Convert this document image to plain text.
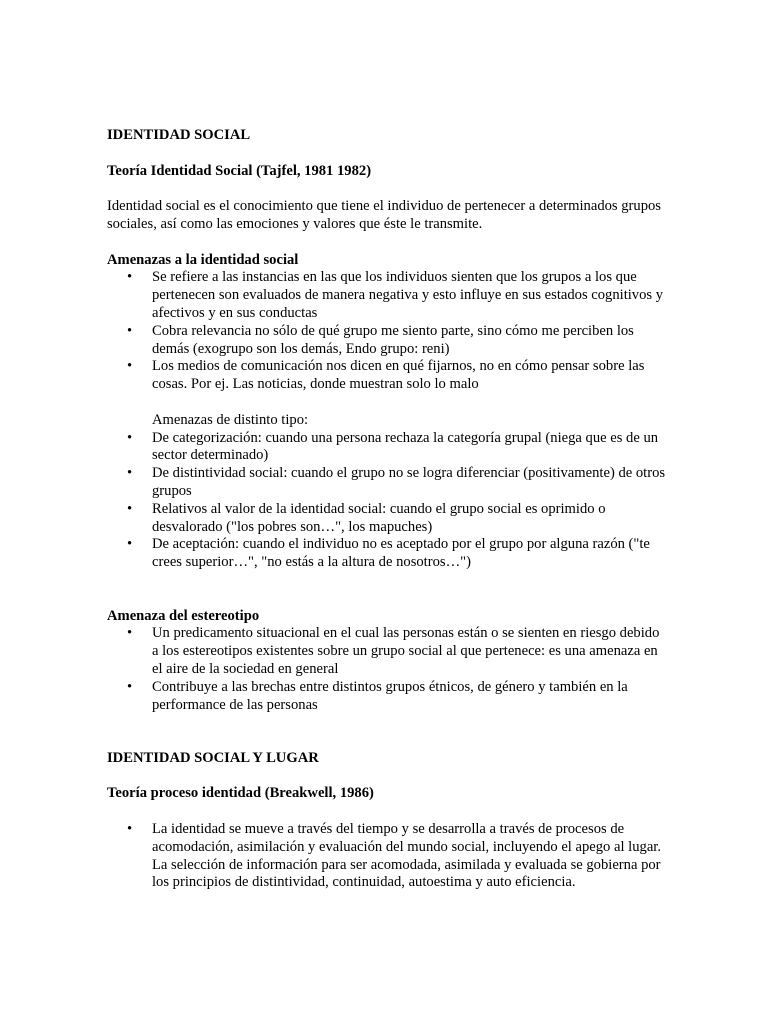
IDENTIDAD SOCIAL
Teoría Identidad Social (Tajfel, 1981 1982)

Identidad social es el conocimiento que tiene el individuo de pertenecer a determinados grupos sociales, así como las emociones y valores que éste le transmite.

Amenazas a la identidad social
• Se refiere a las instancias en las que los individuos sienten que los grupos a los que pertenecen son evaluados de manera negativa y esto influye en sus estados cognitivos y afectivos y en sus conductas
• Cobra relevancia no sólo de qué grupo me siento parte, sino cómo me perciben los demás (exogrupo son los demás, Endo grupo: reni)
• Los medios de comunicación nos dicen en qué fijarnos, no en cómo pensar sobre las cosas. Por ej. Las noticias, donde muestran solo lo malo

Amenazas de distinto tipo:

• De categorización: cuando una persona rechaza la categoría grupal (niega que es de un sector determinado)
• De distintividad social: cuando el grupo no se logra diferenciar (positivamente) de otros grupos
• Relativos al valor de la identidad social: cuando el grupo social es oprimido o desvalorado ("los pobres son…", los mapuches)
• De aceptación: cuando el individuo no es aceptado por el grupo por alguna razón ("te crees superior…", "no estás a la altura de nosotros…")
Amenaza del estereotipo
• Un predicamento situacional en el cual las personas están o se sienten en riesgo debido a los estereotipos existentes sobre un grupo social al que pertenece: es una amenaza en el aire de la sociedad en general
• Contribuye a las brechas entre distintos grupos étnicos, de género y también en la performance de las personas
IDENTIDAD SOCIAL Y LUGAR
Teoría proceso identidad (Breakwell, 1986)
• La identidad se mueve a través del tiempo y se desarrolla a través de procesos de acomodación, asimilación y evaluación del mundo social, incluyendo el apego al lugar. La selección de información para ser acomodada, asimilada y evaluada se gobierna por los principios de distintividad, continuidad, autoestima y auto eficiencia.
